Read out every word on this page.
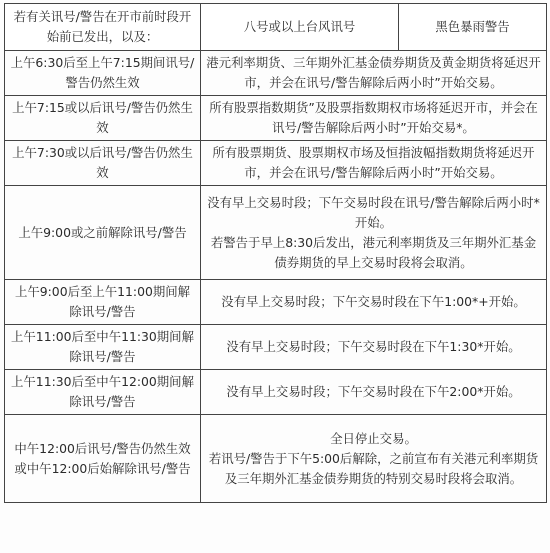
若有关讯号/警告在开市前时段开始前已发出，以及：	八号或以上台风讯号	黑色暴雨警告
上午6:30后至上午7:15期间讯号/警告仍然生效	港元利率期货、三年期外汇基金债券期货及黄金期货将延迟开市，并会在讯号/警告解除后两小时”开始交易。	

上午7:15或以后讯号/警告仍然生效	所有股票指数期货”及股票指数期权市场将延迟开市，并会在讯号/警告解除后两小时”开始交易*。	

上午7:30或以后讯号/警告仍然生效	所有股票期货、股票期权市场及恒指波幅指数期货将延迟开市，并会在讯号/警告解除后两小时”开始交易。	

上午9:00或之前解除讯号/警告	没有早上交易时段；下午交易时段在讯号/警告解除后两小时*开始。
若警告于早上8:30后发出，港元利率期货及三年期外汇基金债券期货的早上交易时段将会取消。	

上午9:00后至上午11:00期间解除讯号/警告	没有早上交易时段；下午交易时段在下午1:00*+开始。	

上午11:00后至中午11:30期间解除讯号/警告	没有早上交易时段；下午交易时段在下午1:30*开始。	

上午11:30后至中午12:00期间解除讯号/警告	没有早上交易时段；下午交易时段在下午2:00*开始。	

中午12:00后讯号/警告仍然生效或中午12:00后始解除讯号/警告	全日停止交易。
若讯号/警告于下午5:00后解除，之前宣布有关港元利率期货及三年期外汇基金债券期货的特别交易时段将会取消。	
